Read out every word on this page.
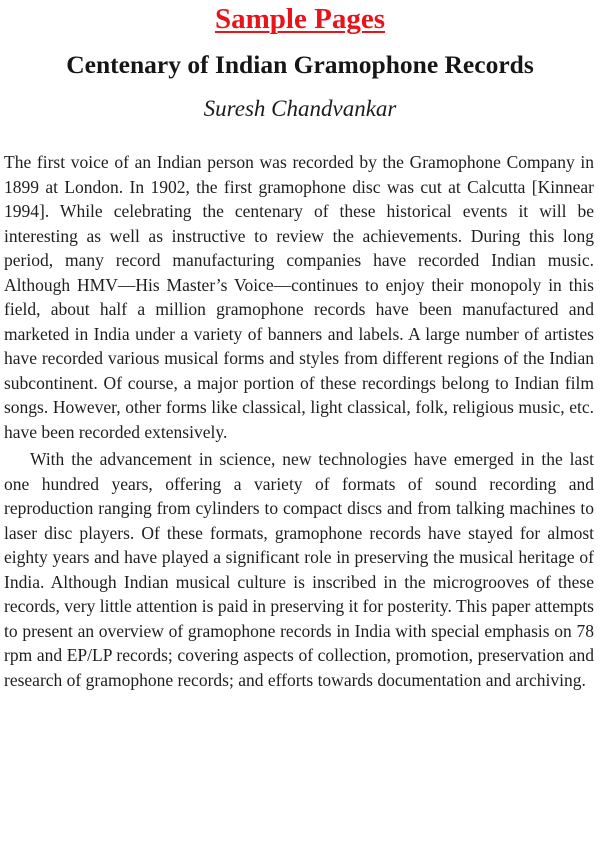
Sample Pages
Centenary of Indian Gramophone Records
Suresh Chandvankar

The first voice of an Indian person was recorded by the Gramophone Company in 1899 at London. In 1902, the first gramophone disc was cut at Calcutta [Kinnear 1994]. While celebrating the centenary of these historical events it will be interesting as well as instructive to review the achievements. During this long period, many record manufacturing companies have recorded Indian music. Although HMV—His Master’s Voice—continues to enjoy their monopoly in this field, about half a million gramophone records have been manufactured and marketed in India under a variety of banners and labels. A large number of artistes have recorded various musical forms and styles from different regions of the Indian subcontinent. Of course, a major portion of these recordings belong to Indian film songs. However, other forms like classical, light classical, folk, religious music, etc. have been recorded extensively.

With the advancement in science, new technologies have emerged in the last one hundred years, offering a variety of formats of sound recording and reproduction ranging from cylinders to compact discs and from talking machines to laser disc players. Of these formats, gramophone records have stayed for almost eighty years and have played a significant role in preserving the musical heritage of India. Although Indian musical culture is inscribed in the microgrooves of these records, very little attention is paid in preserving it for posterity. This paper attempts to present an overview of gramophone records in India with special emphasis on 78 rpm and EP/LP records; covering aspects of collection, promotion, preservation and research of gramophone records; and efforts towards documentation and archiving.
